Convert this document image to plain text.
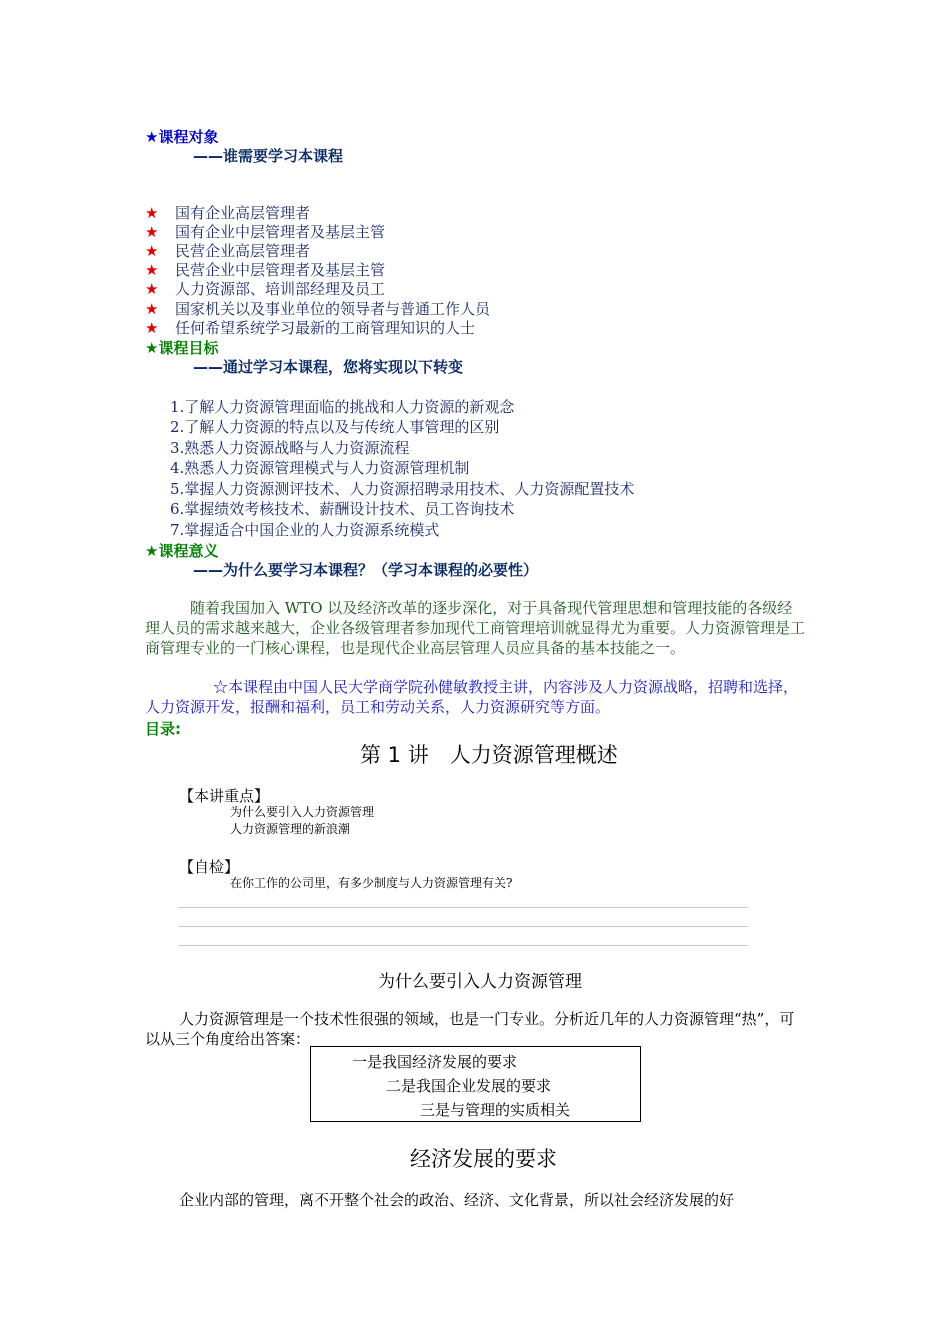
★课程对象
——谁需要学习本课程
★ 国有企业高层管理者
★ 国有企业中层管理者及基层主管
★ 民营企业高层管理者
★ 民营企业中层管理者及基层主管
★ 人力资源部、培训部经理及员工
★ 国家机关以及事业单位的领导者与普通工作人员
★ 任何希望系统学习最新的工商管理知识的人士
★课程目标
——通过学习本课程，您将实现以下转变
1.了解人力资源管理面临的挑战和人力资源的新观念
2.了解人力资源的特点以及与传统人事管理的区别
3.熟悉人力资源战略与人力资源流程
4.熟悉人力资源管理模式与人力资源管理机制
5.掌握人力资源测评技术、人力资源招聘录用技术、人力资源配置技术
6.掌握绩效考核技术、薪酬设计技术、员工咨询技术
7.掌握适合中国企业的人力资源系统模式
★课程意义
——为什么要学习本课程？（学习本课程的必要性）
随着我国加入 WTO 以及经济改革的逐步深化，对于具备现代管理思想和管理技能的各级经理人员的需求越来越大，企业各级管理者参加现代工商管理培训就显得尤为重要。人力资源管理是工商管理专业的一门核心课程，也是现代企业高层管理人员应具备的基本技能之一。
☆本课程由中国人民大学商学院孙健敏教授主讲，内容涉及人力资源战略，招聘和选择，人力资源开发，报酬和福利，员工和劳动关系，人力资源研究等方面。
目录:
第 1 讲　人力资源管理概述
【本讲重点】
为什么要引入人力资源管理
人力资源管理的新浪潮
【自检】
在你工作的公司里，有多少制度与人力资源管理有关?
为什么要引入人力资源管理
人力资源管理是一个技术性很强的领域，也是一门专业。分析近几年的人力资源管理“热”，可以从三个角度给出答案：
一是我国经济发展的要求
二是我国企业发展的要求
三是与管理的实质相关
经济发展的要求
企业内部的管理，离不开整个社会的政治、经济、文化背景，所以社会经济发展的好
